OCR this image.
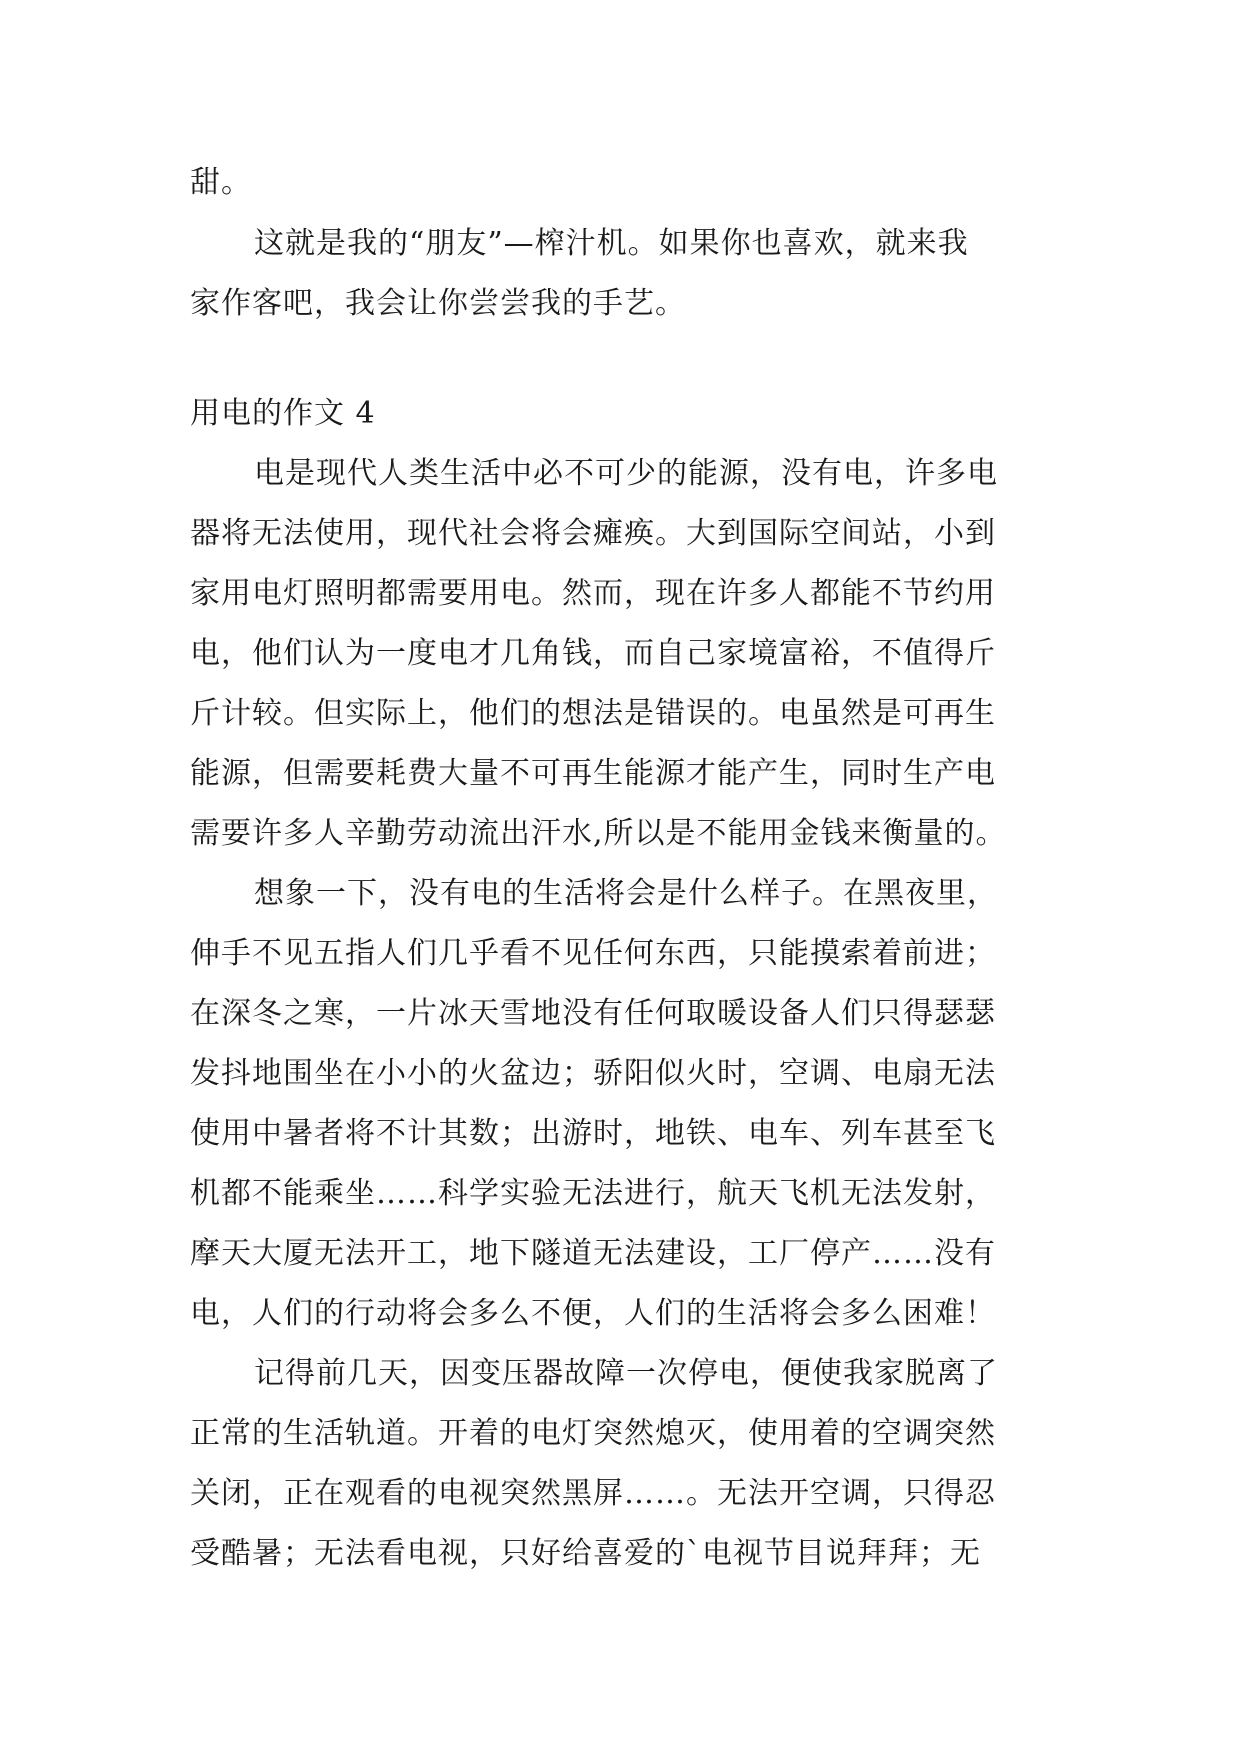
甜。
这就是我的“朋友”—榨汁机。如果你也喜欢，就来我
家作客吧，我会让你尝尝我的手艺。
用电的作文 4
电是现代人类生活中必不可少的能源，没有电，许多电
器将无法使用，现代社会将会瘫痪。大到国际空间站，小到
家用电灯照明都需要用电。然而，现在许多人都能不节约用
电，他们认为一度电才几角钱，而自己家境富裕，不值得斤
斤计较。但实际上，他们的想法是错误的。电虽然是可再生
能源，但需要耗费大量不可再生能源才能产生，同时生产电
需要许多人辛勤劳动流出汗水,所以是不能用金钱来衡量的。
想象一下，没有电的生活将会是什么样子。在黑夜里，
伸手不见五指人们几乎看不见任何东西，只能摸索着前进；
在深冬之寒，一片冰天雪地没有任何取暖设备人们只得瑟瑟
发抖地围坐在小小的火盆边；骄阳似火时，空调、电扇无法
使用中暑者将不计其数；出游时，地铁、电车、列车甚至飞
机都不能乘坐……科学实验无法进行，航天飞机无法发射，
摩天大厦无法开工，地下隧道无法建设，工厂停产……没有
电，人们的行动将会多么不便，人们的生活将会多么困难！
记得前几天，因变压器故障一次停电，便使我家脱离了
正常的生活轨道。开着的电灯突然熄灭，使用着的空调突然
关闭，正在观看的电视突然黑屏……。无法开空调，只得忍
受酷暑；无法看电视，只好给喜爱的`电视节目说拜拜；无
